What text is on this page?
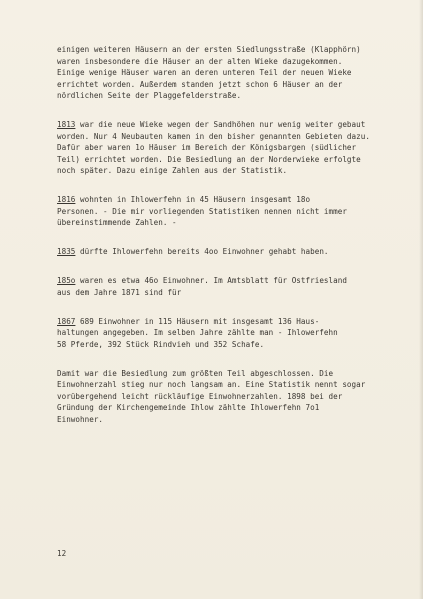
einigen weiteren Häusern an der ersten Siedlungsstraße (Klapphörn)
waren insbesondere die Häuser an der alten Wieke dazugekommen.
Einige wenige Häuser waren an deren unteren Teil der neuen Wieke
errichtet worden. Außerdem standen jetzt schon 6 Häuser an der
nördlichen Seite der Plaggefelderstraße.
1813 war die neue Wieke wegen der Sandhöhen nur wenig weiter gebaut
worden. Nur 4 Neubauten kamen in den bisher genannten Gebieten dazu.
Dafür aber waren 1o Häuser im Bereich der Königsbargen (südlicher
Teil) errichtet worden. Die Besiedlung an der Norderwieke erfolgte
noch später. Dazu einige Zahlen aus der Statistik.
1816 wohnten in Ihlowerfehn in 45 Häusern insgesamt 18o
Personen. - Die mir vorliegenden Statistiken nennen nicht immer
übereinstimmende Zahlen. -
1835 dürfte Ihlowerfehn bereits 4oo Einwohner gehabt haben.
185o waren es etwa 46o Einwohner. Im Amtsblatt für Ostfriesland
aus dem Jahre 1871 sind für
1867 689 Einwohner in 115 Häusern mit insgesamt 136 Haus-
haltungen angegeben. Im selben Jahre zählte man - Ihlowerfehn
58 Pferde, 392 Stück Rindvieh und 352 Schafe.
Damit war die Besiedlung zum größten Teil abgeschlossen. Die
Einwohnerzahl stieg nur noch langsam an. Eine Statistik nennt sogar
vorübergehend leicht rückläufige Einwohnerzahlen. 1898 bei der
Gründung der Kirchengemeinde Ihlow zählte Ihlowerfehn 7o1
Einwohner.
12
